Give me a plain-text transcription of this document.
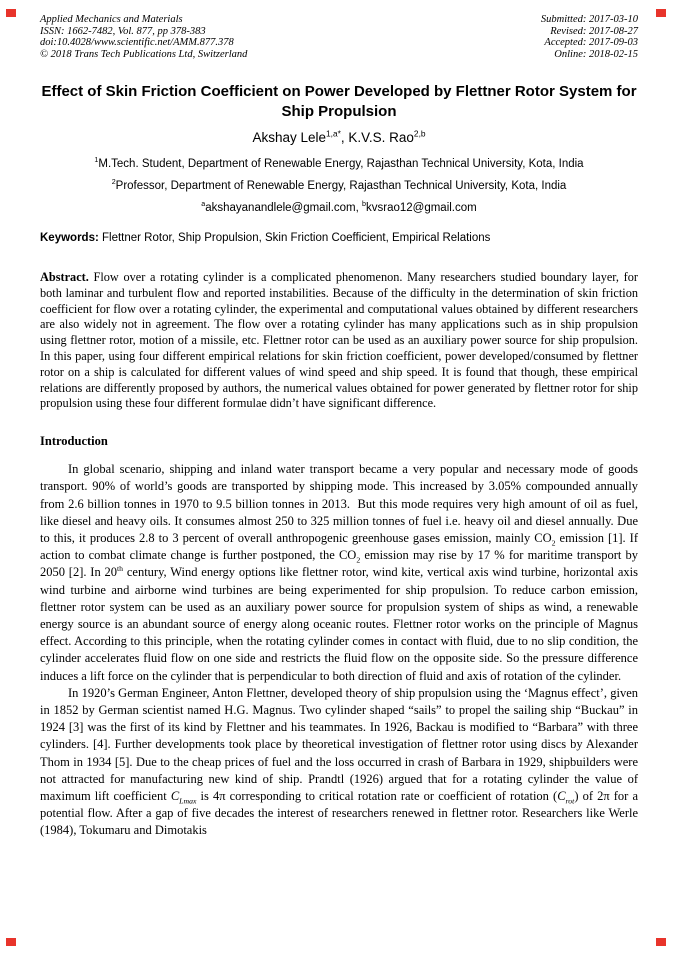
Applied Mechanics and Materials
ISSN: 1662-7482, Vol. 877, pp 378-383
doi:10.4028/www.scientific.net/AMM.877.378
© 2018 Trans Tech Publications Ltd, Switzerland
Submitted: 2017-03-10
Revised: 2017-08-27
Accepted: 2017-09-03
Online: 2018-02-15
Effect of Skin Friction Coefficient on Power Developed by Flettner Rotor System for Ship Propulsion
Akshay Lele$^{1,a*}$, K.V.S. Rao$^{2,b}$
$^1$M.Tech. Student, Department of Renewable Energy, Rajasthan Technical University, Kota, India
$^2$Professor, Department of Renewable Energy, Rajasthan Technical University, Kota, India
$^a$akshayanandlele@gmail.com, $^b$kvsrao12@gmail.com
Keywords: Flettner Rotor, Ship Propulsion, Skin Friction Coefficient, Empirical Relations

Abstract. Flow over a rotating cylinder is a complicated phenomenon. Many researchers studied boundary layer, for both laminar and turbulent flow and reported instabilities. Because of the difficulty in the determination of skin friction coefficient for flow over a rotating cylinder, the experimental and computational values obtained by different researchers are also widely not in agreement. The flow over a rotating cylinder has many applications such as in ship propulsion using flettner rotor, motion of a missile, etc. Flettner rotor can be used as an auxiliary power source for ship propulsion. In this paper, using four different empirical relations for skin friction coefficient, power developed/consumed by flettner rotor on a ship is calculated for different values of wind speed and ship speed. It is found that though, these empirical relations are differently proposed by authors, the numerical values obtained for power generated by flettner rotor for ship propulsion using these four different formulae didn’t have significant difference.

Introduction

In global scenario, shipping and inland water transport became a very popular and necessary mode of goods transport. 90% of world’s goods are transported by shipping mode. This increased by 3.05% compounded annually from 2.6 billion tonnes in 1970 to 9.5 billion tonnes in 2013.  But this mode requires very high amount of oil as fuel, like diesel and heavy oils. It consumes almost 250 to 325 million tonnes of fuel i.e. heavy oil and diesel annually. Due to this, it produces 2.8 to 3 percent of overall anthropogenic greenhouse gases emission, mainly $CO_2$ emission [1]. If action to combat climate change is further postponed, the $CO_2$ emission may rise by 17 % for maritime transport by 2050 [2]. In 20th century, Wind energy options like flettner rotor, wind kite, vertical axis wind turbine, horizontal axis wind turbine and airborne wind turbines are being experimented for ship propulsion. To reduce carbon emission, flettner rotor system can be used as an auxiliary power source for propulsion system of ships as wind, a renewable energy source is an abundant source of energy along oceanic routes. Flettner rotor works on the principle of Magnus effect. According to this principle, when the rotating cylinder comes in contact with fluid, due to no slip condition, the cylinder accelerates fluid flow on one side and restricts the fluid flow on the opposite side. So the pressure difference induces a lift force on the cylinder that is perpendicular to both direction of fluid and axis of rotation of the cylinder.

In 1920’s German Engineer, Anton Flettner, developed theory of ship propulsion using the ‘Magnus effect’, given in 1852 by German scientist named H.G. Magnus. Two cylinder shaped “sails” to propel the sailing ship “Buckau” in 1924 [3] was the first of its kind by Flettner and his teammates. In 1926, Backau is modified to “Barbara” with three cylinders. [4]. Further developments took place by theoretical investigation of flettner rotor using discs by Alexander Thom in 1934 [5]. Due to the cheap prices of fuel and the loss occurred in crash of Barbara in 1929, shipbuilders were not attracted for manufacturing new kind of ship. Prandtl (1926) argued that for a rotating cylinder the value of maximum lift coefficient $C_{Lmax}$ is 4π corresponding to critical rotation rate or coefficient of rotation $(C_{rot})$ of 2π for a potential flow. After a gap of five decades the interest of researchers renewed in flettner rotor. Researchers like Werle (1984), Tokumaru and Dimotakis
